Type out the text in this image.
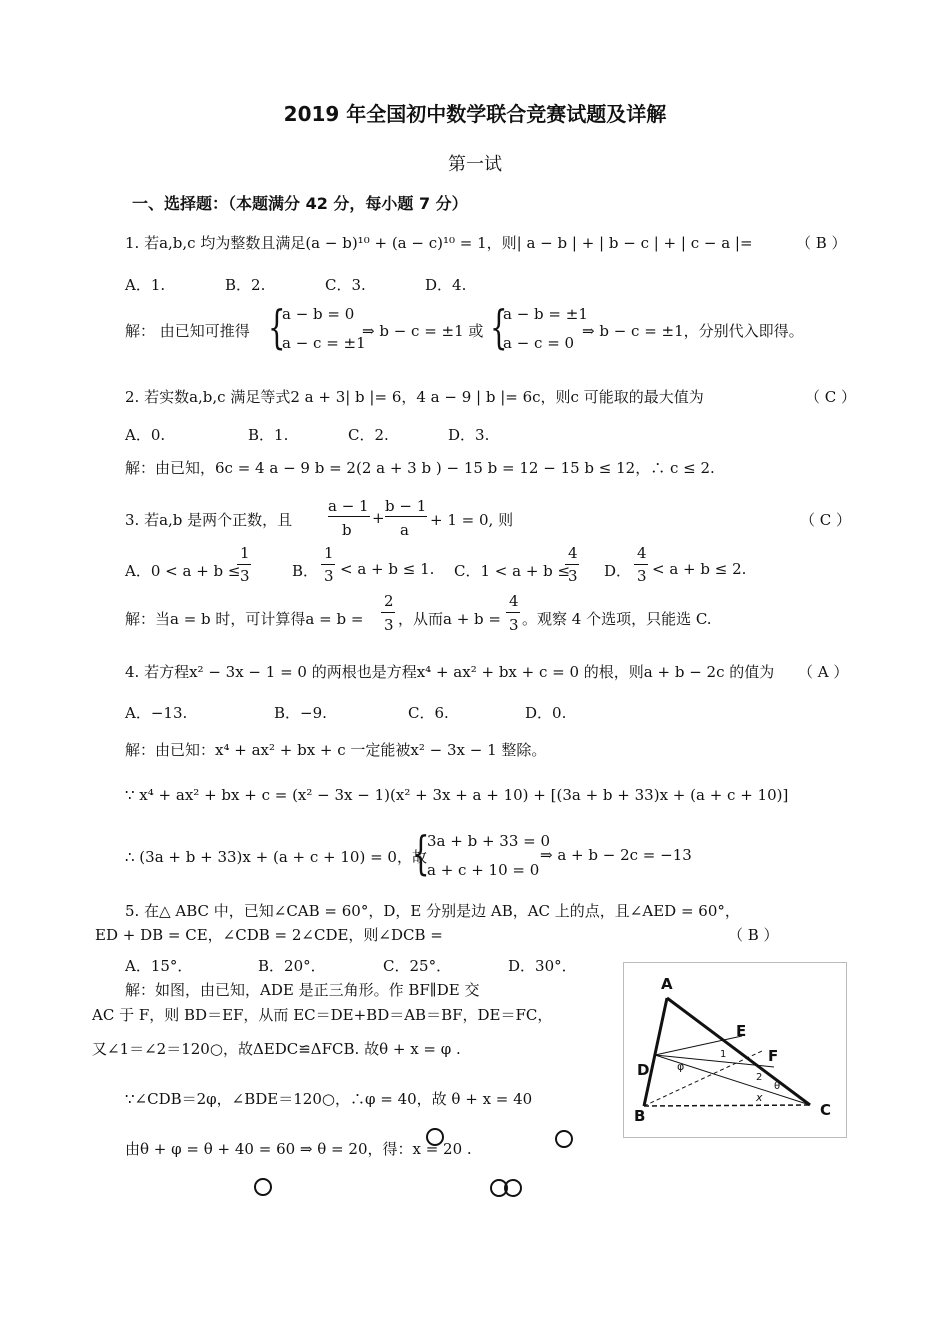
2019 年全国初中数学联合竞赛试题及详解
第一试
一、选择题：（本题满分 42 分，每小题 7 分）
1. 若a,b,c 均为整数且满足(a − b)¹⁰ + (a − c)¹⁰ = 1，则| a − b | + | b − c | + | c − a |=	（ B ）
A．1.	B．2.	C．3.	D．4.
解： 由已知可推得 {
a − b = 0
a − c = ±1
⇒ b − c = ±1 或 {
a − b = ±1
a − c = 0
⇒ b − c = ±1，分别代入即得。
2. 若实数a,b,c 满足等式2 a + 3| b |= 6，4 a − 9 | b |= 6c，则c 可能取的最大值为	（ C ）
A．0.	B．1.	C．2.	D．3.
解：由已知，6c = 4 a − 9 b = 2(2 a + 3 b ) − 15 b = 12 − 15 b ≤ 12，∴ c ≤ 2.
3. 若a,b 是两个正数，且
a − 1
b
+
b − 1
a
+ 1 = 0, 则	（ C ）
A．0 < a + b ≤
1
3	B．
1
3 < a + b ≤ 1. C．1 < a + b ≤
4
3 D．
4
3 < a + b ≤ 2.
解：当a = b 时，可计算得a = b =
2
3 ，从而a + b =
4
3 。观察 4 个选项，只能选 C.
4. 若方程x² − 3x − 1 = 0 的两根也是方程x⁴ + ax² + bx + c = 0 的根，则a + b − 2c 的值为 （ A ）
A．−13.	B．−9.	C．6.	D．0.
解：由已知：x⁴ + ax² + bx + c 一定能被x² − 3x − 1 整除。
∵ x⁴ + ax² + bx + c = (x² − 3x − 1)(x² + 3x + a + 10) + [(3a + b + 33)x + (a + c + 10)]
∴ (3a + b + 33)x + (a + c + 10) = 0，故
{
3a + b + 33 = 0
a + c + 10 = 0
⇒ a + b − 2c = −13
5. 在△ ABC 中，已知∠CAB = 60°，D，E 分别是边 AB，AC 上的点，且∠AED = 60°，
ED + DB = CE，∠CDB = 2∠CDE，则∠DCB =	（ B ）
A．15°．	B．20°．	C．25°．	D．30°．
解：如图，由已知，ADE 是正三角形。作 BF∥DE 交
AC 于 F，则 BD＝EF，从而 EC＝DE+BD＝AB＝BF，DE＝FC，
又∠1＝∠2＝120○，故ΔEDC≌ΔFCB. 故θ + x = φ .
∵∠CDB＝2φ，∠BDE＝120○，∴φ = 40，故 θ + x = 40
由θ + φ = θ + 40 = 60 ⇒ θ = 20，得：x = 20 .
A
B	C
D
E
F
φ
1
2
θ
x
